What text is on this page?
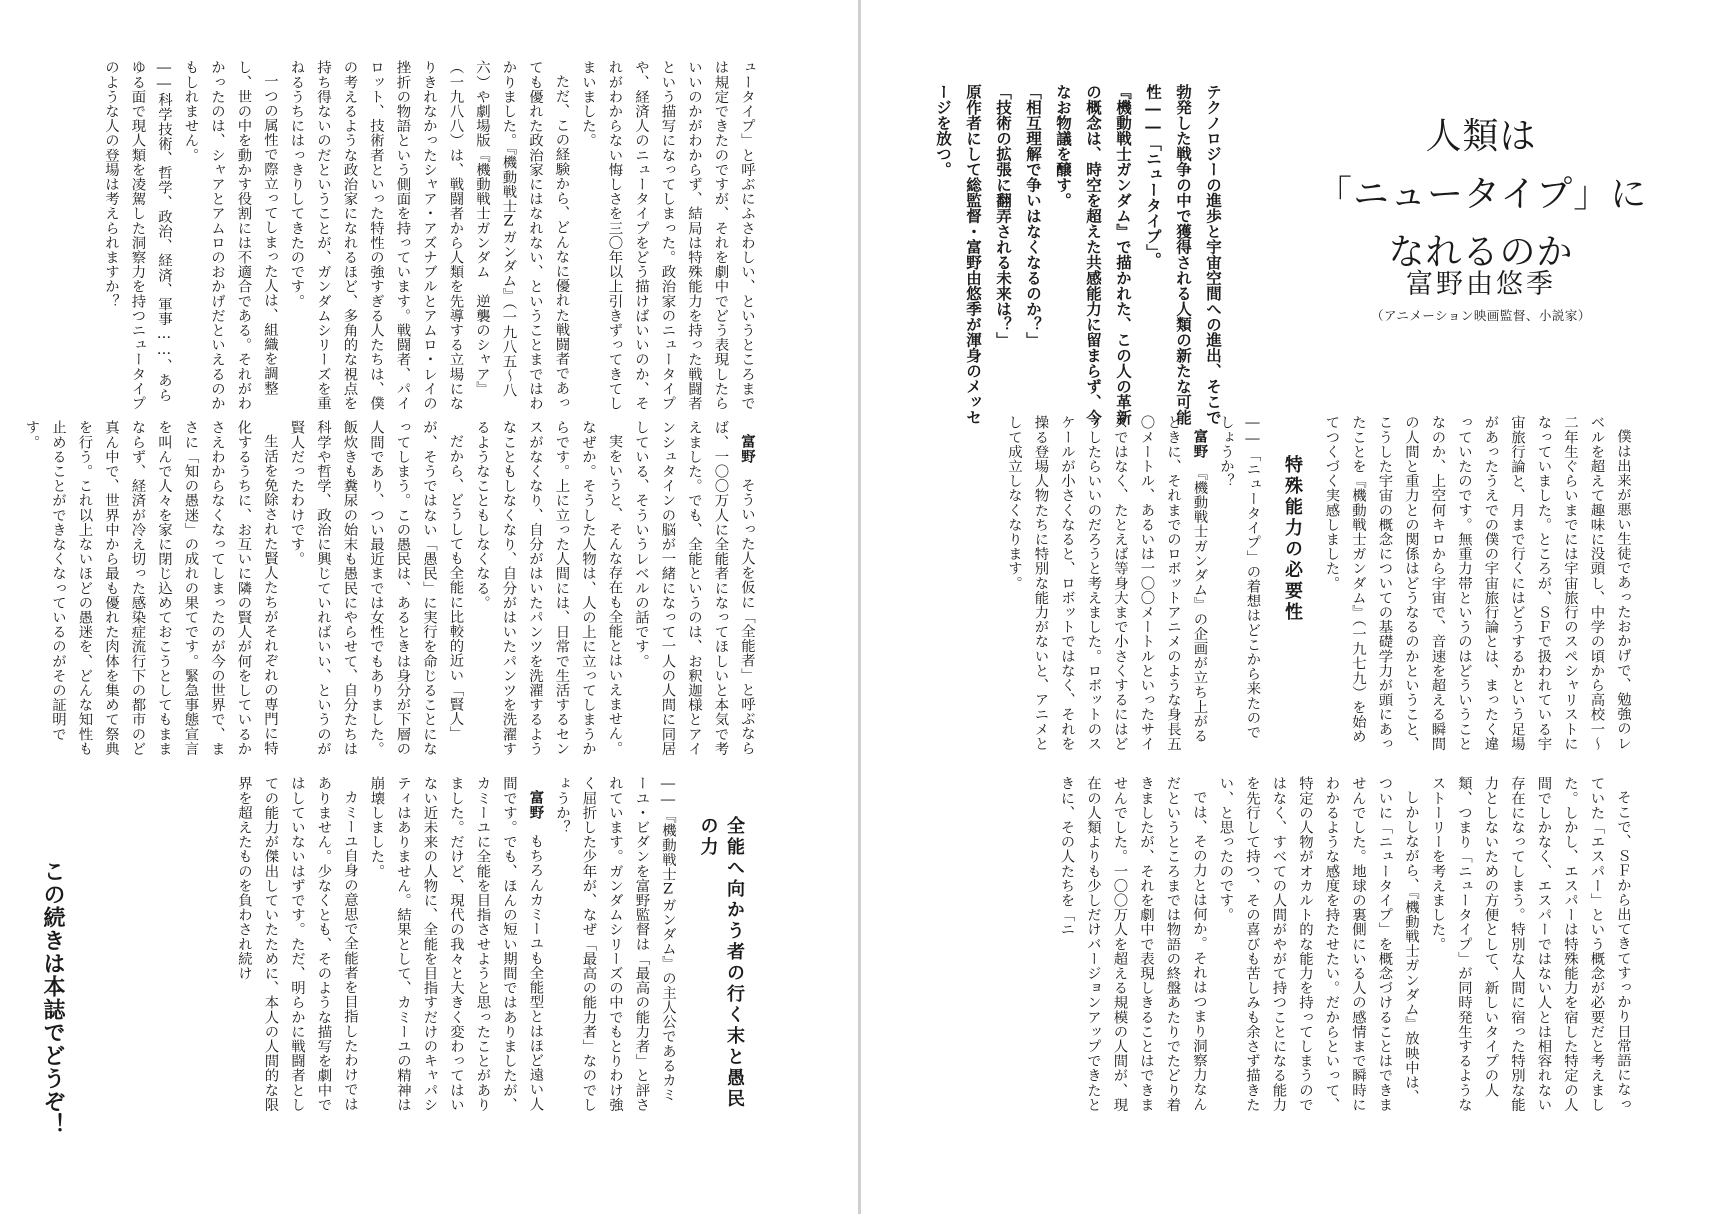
人類は
「ニュータイプ」に
なれるのか
富野由悠季
（アニメーション映画監督、小説家）

テクノロジーの進歩と宇宙空間への進出、そこで勃発した戦争の中で獲得される人類の新たな可能性――「ニュータイプ」。

『機動戦士ガンダム』で描かれた、この人の革新の概念は、時空を超えた共感能力に留まらず、今なお物議を醸す。

「相互理解で争いはなくなるのか？」

「技術の拡張に翻弄される未来は？」

原作者にして総監督・富野由悠季が渾身のメッセージを放つ。

僕は出来が悪い生徒であったおかげで、勉強のレベルを超えて趣味に没頭し、中学の頃から高校一～二年生ぐらいまでには宇宙旅行のスペシャリストになっていました。ところが、ＳＦで扱われている宇宙旅行論と、月まで行くにはどうするかという足場があったうえでの僕の宇宙旅行論とは、まったく違っていたのです。無重力帯というのはどういうことなのか、上空何キロから宇宙で、音速を超える瞬間の人間と重力との関係はどうなるのかということ、こうした宇宙の概念についての基礎学力が頭にあったことを『機動戦士ガンダム』（一九七九）を始めてつくづく実感しました。

特殊能力の必要性

――「ニュータイプ」の着想はどこから来たのでしょうか？

富野　『機動戦士ガンダム』の企画が立ち上がるときに、それまでのロボットアニメのような身長五〇メートル、あるいは一〇〇メートルといったサイズではなく、たとえば等身大まで小さくするにはどうしたらいいのだろうと考えました。ロボットのスケールが小さくなると、ロボットではなく、それを操る登場人物たちに特別な能力がないと、アニメとして成立しなくなります。

そこで、ＳＦから出てきてすっかり日常語になっていた「エスパー」という概念が必要だと考えました。しかし、エスパーは特殊能力を宿した特定の人間でしかなく、エスパーではない人とは相容れない存在になってしまう。特別な人間に宿った特別な能力としないための方便として、新しいタイプの人類、つまり「ニュータイプ」が同時発生するようなストーリーを考えました。

しかしながら、『機動戦士ガンダム』放映中は、ついに「ニュータイプ」を概念づけることはできませんでした。地球の裏側にいる人の感情まで瞬時にわかるような感度を持たせたい。だからといって、特定の人物がオカルト的な能力を持ってしまうのではなく、すべての人間がやがて持つことになる能力を先行して持つ、その喜びも苦しみも余さず描きたい、と思ったのです。

では、その力とは何か。それはつまり洞察力なんだというところまでは物語の終盤あたりでたどり着きましたが、それを劇中で表現しきることはできませんでした。一〇〇万人を超える規模の人間が、現在の人類よりも少しだけバージョンアップできたときに、その人たちを「ニ

ュータイプ」と呼ぶにふさわしい、というところまでは規定できたのですが、それを劇中でどう表現したらいいのかがわからず、結局は特殊能力を持った戦闘者という描写になってしまった。政治家のニュータイプや、経済人のニュータイプをどう描けばいいのか、それがわからない悔しさを三〇年以上引きずってきてしまいました。

ただ、この経験から、どんなに優れた戦闘者であっても優れた政治家にはなれない、ということまではわかりました。『機動戦士Ζガンダム』（一九八五～八六）や劇場版『機動戦士ガンダム　逆襲のシャア』（一九八八）は、戦闘者から人類を先導する立場になりきれなかったシャア・アズナブルとアムロ・レイの挫折の物語という側面を持っています。戦闘者、パイロット、技術者といった特性の強すぎる人たちは、僕の考えるような政治家になれるほど、多角的な視点を持ち得ないのだということが、ガンダムシリーズを重ねるうちにはっきりしてきたのです。

一つの属性で際立ってしまった人は、組織を調整し、世の中を動かす役割には不適合である。それがわかったのは、シャアとアムロのおかげだといえるのかもしれません。

――科学技術、哲学、政治、経済、軍事……、あらゆる面で現人類を凌駕した洞察力を持つニュータイプのような人の登場は考えられますか？

富野　そういった人を仮に「全能者」と呼ぶならば、一〇〇万人に全能者になってほしいと本気で考えました。でも、全能というのは、お釈迦様とアインシュタインの脳が一緒になって一人の人間に同居している、そういうレベルの話です。

実をいうと、そんな存在も全能とはいえません。なぜか。そうした人物は、人の上に立ってしまうからです。上に立った人間には、日常で生活するセンスがなくなり、自分がはいたパンツを洗濯するようなこともしなくなり、自分がはいたパンツを洗濯するようなこともしなくなる。

だから、どうしても全能に比較的近い「賢人」が、そうではない「愚民」に実行を命じることになってしまう。この愚民は、あるときは身分が下層の人間であり、つい最近までは女性でもありました。飯炊きも糞尿の始末も愚民にやらせて、自分たちは科学や哲学、政治に興じていればいい、というのが賢人だったわけです。

生活を免除された賢人たちがそれぞれの専門に特化するうちに、お互いに隣の賢人が何をしているかさえわからなくなってしまったのが今の世界で、まさに「知の愚迷」の成れの果てです。緊急事態宣言を叫んで人々を家に閉じ込めておこうとしてもままならず、経済が冷え切った感染症流行下の都市のど真ん中で、世界中から最も優れた肉体を集めて祭典を行う。これ以上ないほどの愚迷を、どんな知性も止めることができなくなっているのがその証明です。

全能へ向かう者の行く末と愚民の力

――『機動戦士Ζガンダム』の主人公であるカミーユ・ビダンを富野監督は「最高の能力者」と評されています。ガンダムシリーズの中でもとりわけ強く屈折した少年が、なぜ「最高の能力者」なのでしょうか？

富野　もちろんカミーユも全能型とはほど遠い人間です。でも、ほんの短い期間ではありましたが、カミーユに全能を目指させようと思ったことがありました。だけど、現代の我々と大きく変わってはいない近未来の人物に、全能を目指すだけのキャパシティはありません。結果として、カミーユの精神は崩壊しました。

カミーユ自身の意思で全能者を目指したわけではありません。少なくとも、そのような描写を劇中ではしていないはずです。ただ、明らかに戦闘者としての能力が傑出していたために、本人の人間的な限界を超えたものを負わされ続け

この続きは本誌でどうぞ！
